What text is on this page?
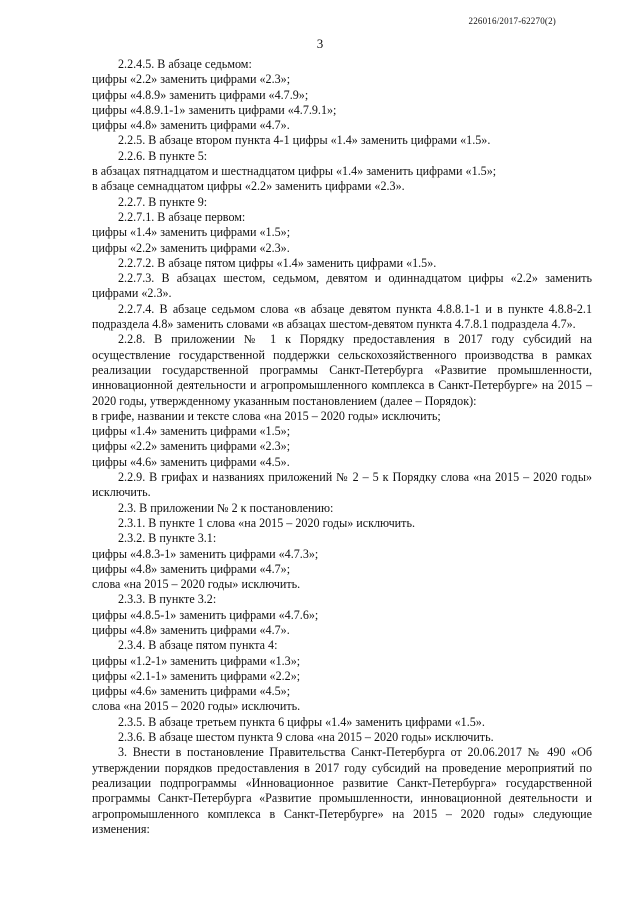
226016/2017-62270(2)
3

2.2.4.5. В абзаце седьмом:

цифры «2.2» заменить цифрами «2.3»;

цифры «4.8.9» заменить цифрами «4.7.9»;

цифры «4.8.9.1-1» заменить цифрами «4.7.9.1»;

цифры «4.8» заменить цифрами «4.7».

2.2.5. В абзаце втором пункта 4-1 цифры «1.4» заменить цифрами «1.5».

2.2.6. В пункте 5:

в абзацах пятнадцатом и шестнадцатом цифры «1.4» заменить цифрами «1.5»;

в абзаце семнадцатом цифры «2.2» заменить цифрами «2.3».

2.2.7. В пункте 9:

2.2.7.1. В абзаце первом:

цифры «1.4» заменить цифрами «1.5»;

цифры «2.2» заменить цифрами «2.3».

2.2.7.2. В абзаце пятом цифры «1.4» заменить цифрами «1.5».

2.2.7.3. В абзацах шестом, седьмом, девятом и одиннадцатом цифры «2.2» заменить цифрами «2.3».

2.2.7.4. В абзаце седьмом слова «в абзаце девятом пункта 4.8.8.1-1 и в пункте 4.8.8-2.1 подраздела 4.8» заменить словами «в абзацах шестом-девятом пункта 4.7.8.1 подраздела 4.7».

2.2.8. В приложении № 1 к Порядку предоставления в 2017 году субсидий на осуществление государственной поддержки сельскохозяйственного производства в рамках реализации государственной программы Санкт-Петербурга «Развитие промышленности, инновационной деятельности и агропромышленного комплекса в Санкт-Петербурге» на 2015 – 2020 годы, утвержденному указанным постановлением (далее – Порядок):

в грифе, названии и тексте слова «на 2015 – 2020 годы» исключить;

цифры «1.4» заменить цифрами «1.5»;

цифры «2.2» заменить цифрами «2.3»;

цифры «4.6» заменить цифрами «4.5».

2.2.9. В грифах и названиях приложений № 2 – 5 к Порядку слова «на 2015 – 2020 годы» исключить.

2.3. В приложении № 2 к постановлению:

2.3.1. В пункте 1 слова «на 2015 – 2020 годы» исключить.

2.3.2. В пункте 3.1:

цифры «4.8.3-1» заменить цифрами «4.7.3»;

цифры «4.8» заменить цифрами «4.7»;

слова «на 2015 – 2020 годы» исключить.

2.3.3. В пункте 3.2:

цифры «4.8.5-1» заменить цифрами «4.7.6»;

цифры «4.8» заменить цифрами «4.7».

2.3.4. В абзаце пятом пункта 4:

цифры «1.2-1» заменить цифрами «1.3»;

цифры «2.1-1» заменить цифрами «2.2»;

цифры «4.6» заменить цифрами «4.5»;

слова «на 2015 – 2020 годы» исключить.

2.3.5. В абзаце третьем пункта 6 цифры «1.4» заменить цифрами «1.5».

2.3.6. В абзаце шестом пункта 9 слова «на 2015 – 2020 годы» исключить.

3. Внести в постановление Правительства Санкт-Петербурга от 20.06.2017 № 490 «Об утверждении порядков предоставления в 2017 году субсидий на проведение мероприятий по реализации подпрограммы «Инновационное развитие Санкт-Петербурга» государственной программы Санкт-Петербурга «Развитие промышленности, инновационной деятельности и агропромышленного комплекса в Санкт-Петербурге» на 2015 – 2020 годы» следующие изменения:
